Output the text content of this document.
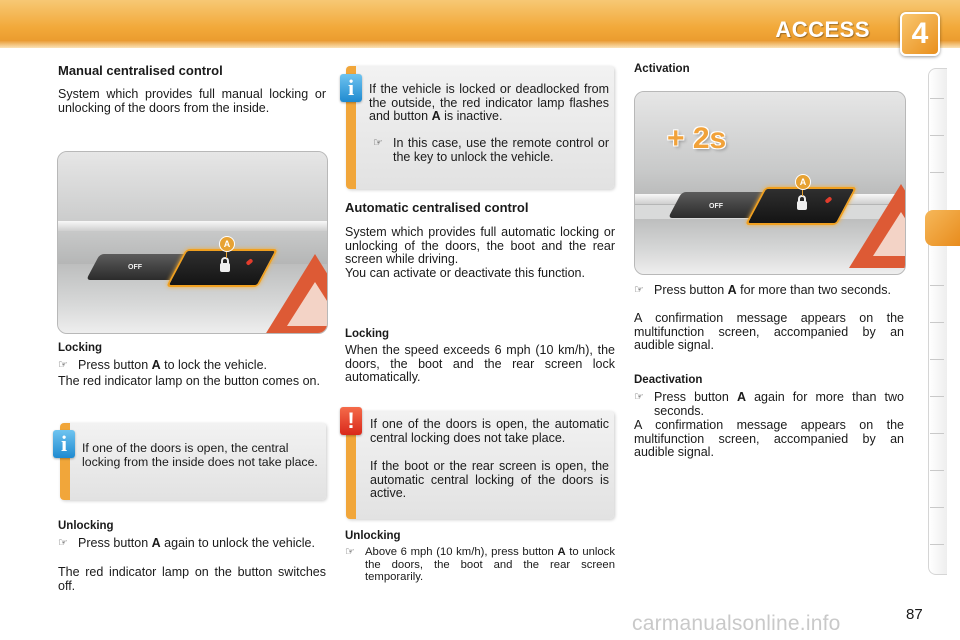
ACCESS	4
Manual centralised control
System which provides full manual locking or unlocking of the doors from the inside.
OFF
A
Locking
☞ Press button A to lock the vehicle.
The red indicator lamp on the button comes on.
i	If one of the doors is open, the central locking from the inside does not take place.
Unlocking
☞ Press button A again to unlock the vehicle.
The red indicator lamp on the button switches off.
i	If the vehicle is locked or deadlocked from the outside, the red indicator lamp flashes and button A is inactive.
☞ In this case, use the remote control or the key to unlock the vehicle.
Automatic centralised control
System which provides full automatic locking or unlocking of the doors, the boot and the rear screen while driving.
You can activate or deactivate this function.
Locking
When the speed exceeds 6 mph (10 km/h), the doors, the boot and the rear screen lock automatically.
!	If one of the doors is open, the automatic central locking does not take place.
If the boot or the rear screen is open, the automatic central locking of the doors is active.
Unlocking
☞ Above 6 mph (10 km/h), press button A to unlock the doors, the boot and the rear screen temporarily.
Activation
OFF
A
+ 2s
☞ Press button A for more than two seconds.
A confirmation message appears on the multifunction screen, accompanied by an audible signal.
Deactivation
☞ Press button A again for more than two seconds.
A confirmation message appears on the multifunction screen, accompanied by an audible signal.
carmanualsonline.info	87
